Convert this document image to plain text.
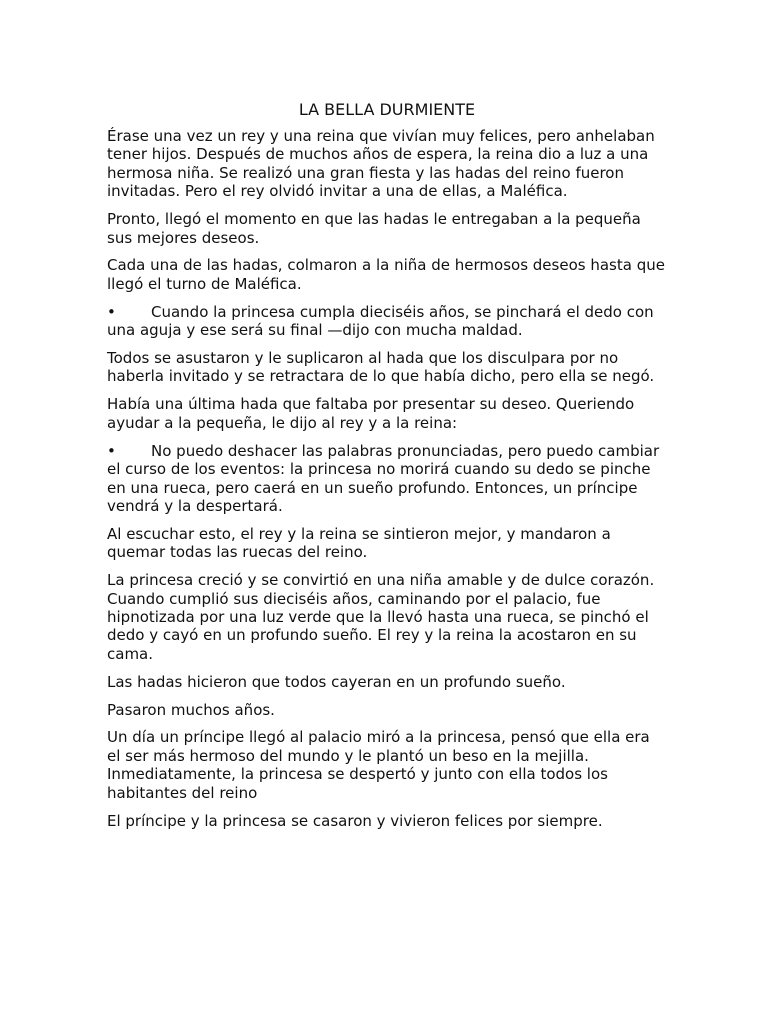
LA BELLA DURMIENTE

Érase una vez un rey y una reina que vivían muy felices, pero anhelaban tener hijos. Después de muchos años de espera, la reina dio a luz a una hermosa niña. Se realizó una gran fiesta y las hadas del reino fueron invitadas. Pero el rey olvidó invitar a una de ellas, a Maléfica.

Pronto, llegó el momento en que las hadas le entregaban a la pequeña sus mejores deseos.

Cada una de las hadas, colmaron a la niña de hermosos deseos hasta que llegó el turno de Maléfica.

• Cuando la princesa cumpla dieciséis años, se pinchará el dedo con una aguja y ese será su final —dijo con mucha maldad.

Todos se asustaron y le suplicaron al hada que los disculpara por no haberla invitado y se retractara de lo que había dicho, pero ella se negó.

Había una última hada que faltaba por presentar su deseo. Queriendo ayudar a la pequeña, le dijo al rey y a la reina:

• No puedo deshacer las palabras pronunciadas, pero puedo cambiar el curso de los eventos: la princesa no morirá cuando su dedo se pinche en una rueca, pero caerá en un sueño profundo. Entonces, un príncipe vendrá y la despertará.

Al escuchar esto, el rey y la reina se sintieron mejor, y mandaron a quemar todas las ruecas del reino.

La princesa creció y se convirtió en una niña amable y de dulce corazón. Cuando cumplió sus dieciséis años, caminando por el palacio, fue hipnotizada por una luz verde que la llevó hasta una rueca, se pinchó el dedo y cayó en un profundo sueño. El rey y la reina la acostaron en su cama.

Las hadas hicieron que todos cayeran en un profundo sueño.

Pasaron muchos años.

Un día un príncipe llegó al palacio miró a la princesa, pensó que ella era el ser más hermoso del mundo y le plantó un beso en la mejilla. Inmediatamente, la princesa se despertó y junto con ella todos los habitantes del reino

El príncipe y la princesa se casaron y vivieron felices por siempre.
